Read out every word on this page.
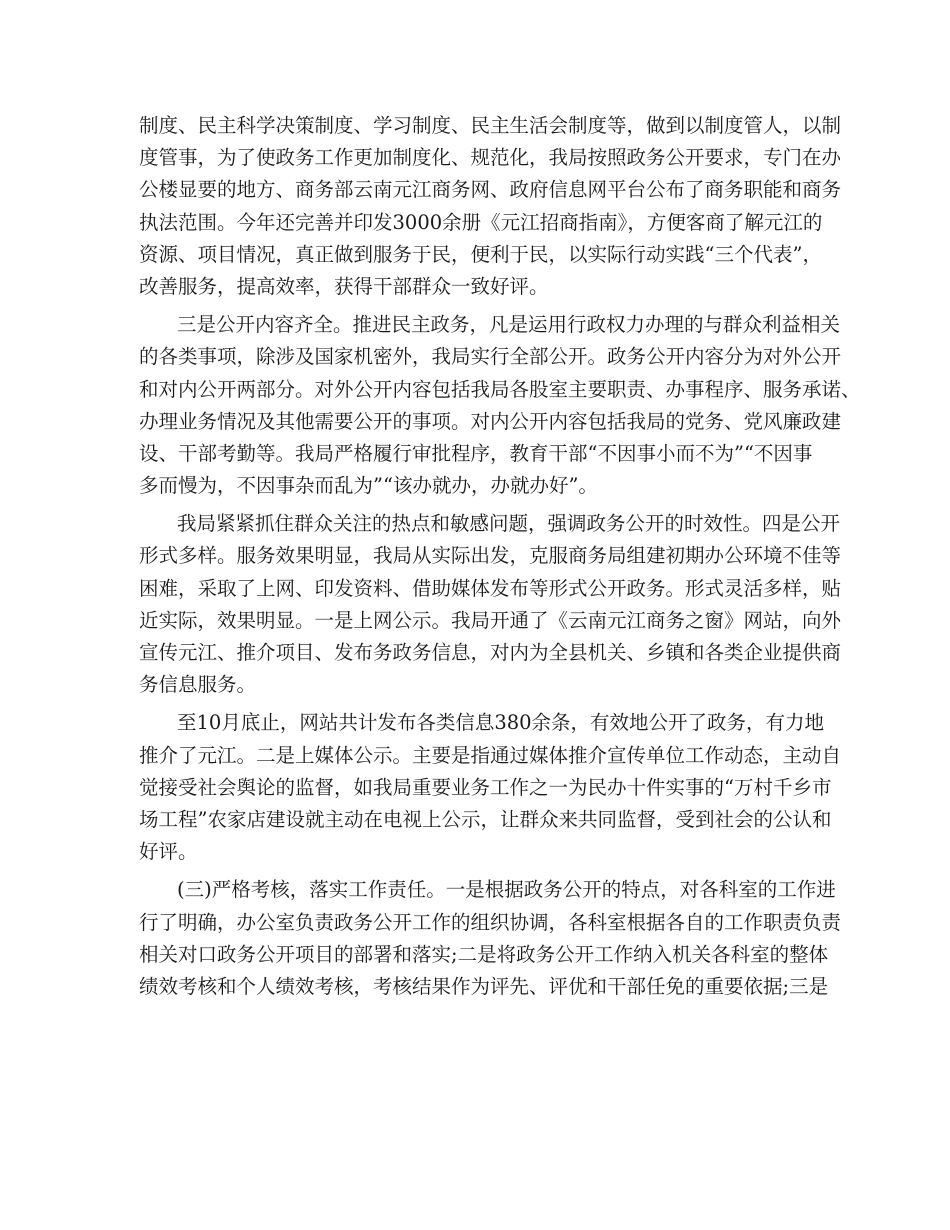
制度、民主科学决策制度、学习制度、民主生活会制度等，做到以制度管人，以制
度管事，为了使政务工作更加制度化、规范化，我局按照政务公开要求，专门在办
公楼显要的地方、商务部云南元江商务网、政府信息网平台公布了商务职能和商务
执法范围。今年还完善并印发3000余册《元江招商指南》，方便客商了解元江的
资源、项目情况，真正做到服务于民，便利于民，以实际行动实践“三个代表”，
改善服务，提高效率，获得干部群众一致好评。
三是公开内容齐全。推进民主政务，凡是运用行政权力办理的与群众利益相关
的各类事项，除涉及国家机密外，我局实行全部公开。政务公开内容分为对外公开
和对内公开两部分。对外公开内容包括我局各股室主要职责、办事程序、服务承诺、
办理业务情况及其他需要公开的事项。对内公开内容包括我局的党务、党风廉政建
设、干部考勤等。我局严格履行审批程序，教育干部“不因事小而不为”“不因事
多而慢为，不因事杂而乱为”“该办就办，办就办好”。
我局紧紧抓住群众关注的热点和敏感问题，强调政务公开的时效性。四是公开
形式多样。服务效果明显，我局从实际出发，克服商务局组建初期办公环境不佳等
困难，采取了上网、印发资料、借助媒体发布等形式公开政务。形式灵活多样，贴
近实际，效果明显。一是上网公示。我局开通了《云南元江商务之窗》网站，向外
宣传元江、推介项目、发布务政务信息，对内为全县机关、乡镇和各类企业提供商
务信息服务。
至10月底止，网站共计发布各类信息380余条，有效地公开了政务，有力地
推介了元江。二是上媒体公示。主要是指通过媒体推介宣传单位工作动态，主动自
觉接受社会舆论的监督，如我局重要业务工作之一为民办十件实事的“万村千乡市
场工程”农家店建设就主动在电视上公示，让群众来共同监督，受到社会的公认和
好评。
(三)严格考核，落实工作责任。一是根据政务公开的特点，对各科室的工作进
行了明确，办公室负责政务公开工作的组织协调，各科室根据各自的工作职责负责
相关对口政务公开项目的部署和落实;二是将政务公开工作纳入机关各科室的整体
绩效考核和个人绩效考核，考核结果作为评先、评优和干部任免的重要依据;三是
